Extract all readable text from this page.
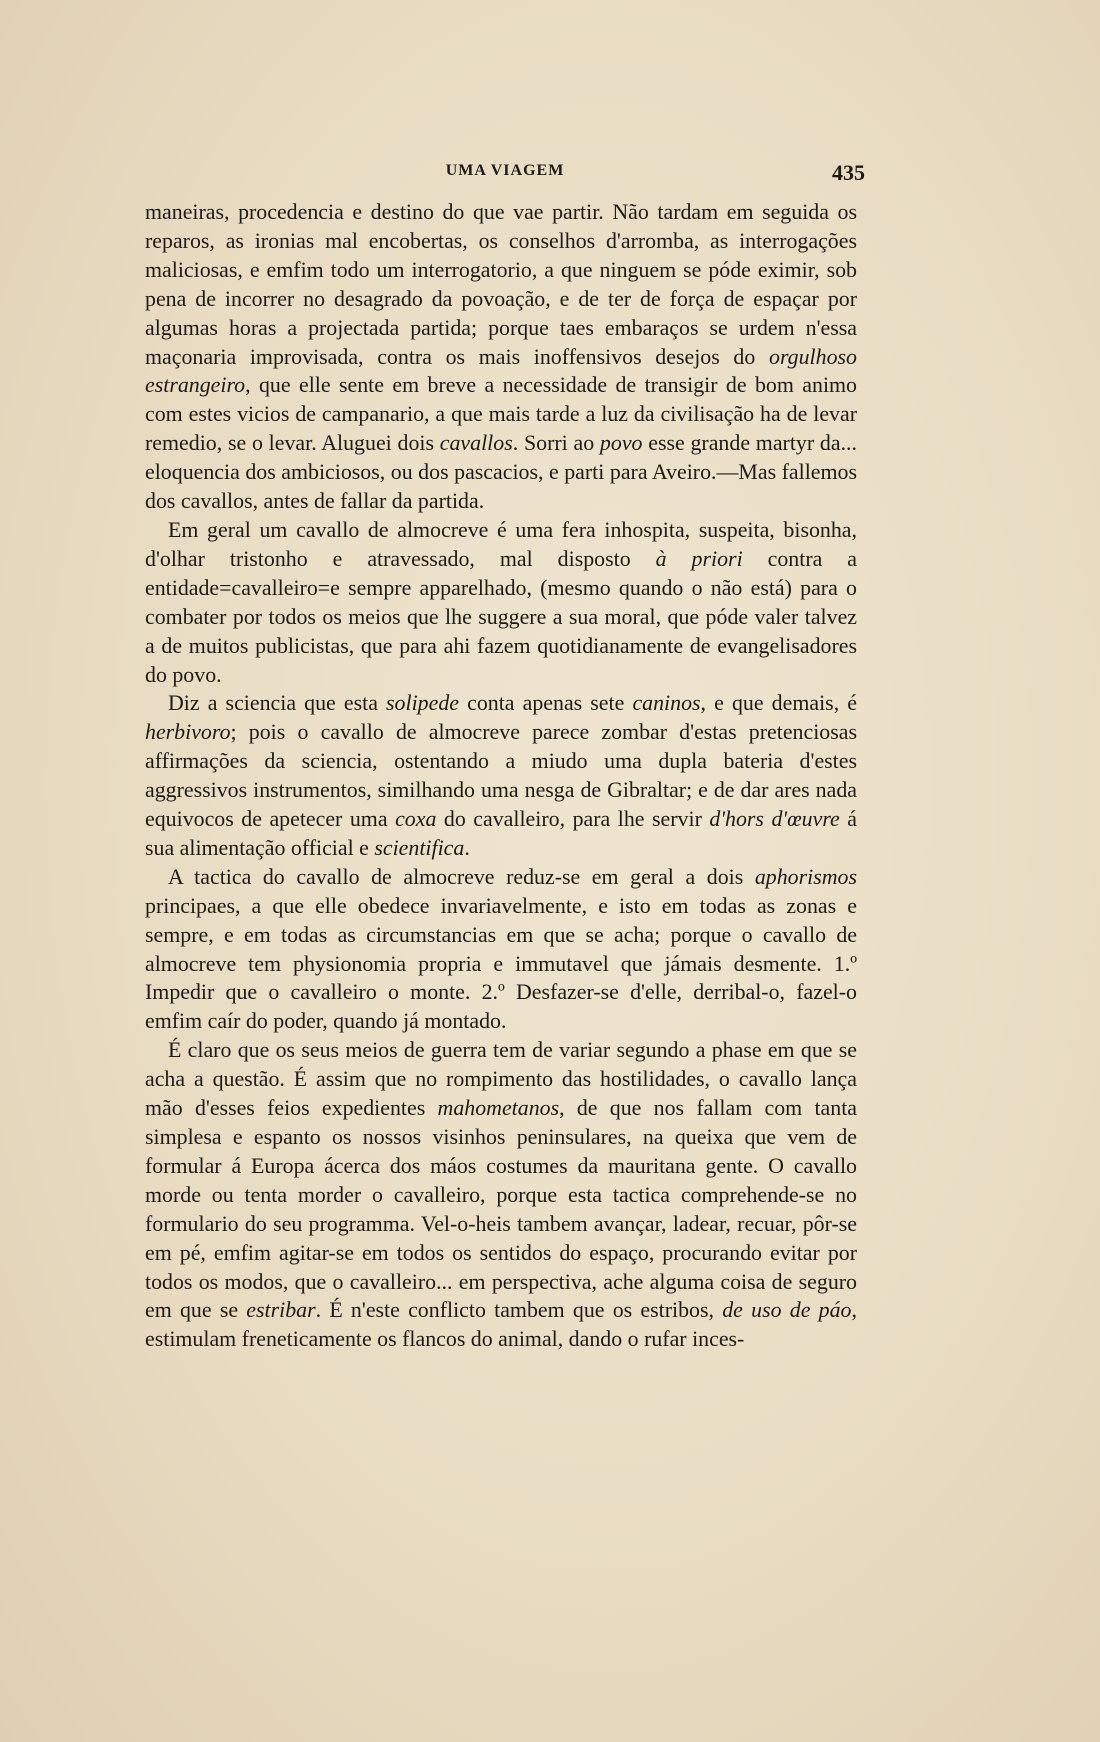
UMA VIAGEM	435

maneiras, procedencia e destino do que vae partir. Não tardam em seguida os reparos, as ironias mal encobertas, os conselhos d'arromba, as interrogações maliciosas, e emfim todo um interrogatorio, a que ninguem se póde eximir, sob pena de incorrer no desagrado da povoação, e de ter de força de espaçar por algumas horas a projectada partida; porque taes embaraços se urdem n'essa maçonaria improvisada, contra os mais inoffensivos desejos do orgulhoso estrangeiro, que elle sente em breve a necessidade de transigir de bom animo com estes vicios de campanario, a que mais tarde a luz da civilisação ha de levar remedio, se o levar. Aluguei dois cavallos. Sorri ao povo esse grande martyr da... eloquencia dos ambiciosos, ou dos pascacios, e parti para Aveiro.—Mas fallemos dos cavallos, antes de fallar da partida.

Em geral um cavallo de almocreve é uma fera inhospita, suspeita, bisonha, d'olhar tristonho e atravessado, mal disposto à priori contra a entidade=cavalleiro=e sempre apparelhado, (mesmo quando o não está) para o combater por todos os meios que lhe suggere a sua moral, que póde valer talvez a de muitos publicistas, que para ahi fazem quotidianamente de evangelisadores do povo.

Diz a sciencia que esta solipede conta apenas sete caninos, e que demais, é herbivoro; pois o cavallo de almocreve parece zombar d'estas pretenciosas affirmações da sciencia, ostentando a miudo uma dupla bateria d'estes aggressivos instrumentos, similhando uma nesga de Gibraltar; e de dar ares nada equivocos de apetecer uma coxa do cavalleiro, para lhe servir d'hors d'œuvre á sua alimentação official e scientifica.

A tactica do cavallo de almocreve reduz-se em geral a dois aphorismos principaes, a que elle obedece invariavelmente, e isto em todas as zonas e sempre, e em todas as circumstancias em que se acha; porque o cavallo de almocreve tem physionomia propria e immutavel que jámais desmente. 1.º Impedir que o cavalleiro o monte. 2.º Desfazer-se d'elle, derribal-o, fazel-o emfim caír do poder, quando já montado.

É claro que os seus meios de guerra tem de variar segundo a phase em que se acha a questão. É assim que no rompimento das hostilidades, o cavallo lança mão d'esses feios expedientes mahometanos, de que nos fallam com tanta simplesa e espanto os nossos visinhos peninsulares, na queixa que vem de formular á Europa ácerca dos máos costumes da mauritana gente. O cavallo morde ou tenta morder o cavalleiro, porque esta tactica comprehende-se no formulario do seu programma. Vel-o-heis tambem avançar, ladear, recuar, pôr-se em pé, emfim agitar-se em todos os sentidos do espaço, procurando evitar por todos os modos, que o cavalleiro... em perspectiva, ache alguma coisa de seguro em que se estribar. É n'este conflicto tambem que os estribos, de uso de páo, estimulam freneticamente os flancos do animal, dando o rufar inces-
